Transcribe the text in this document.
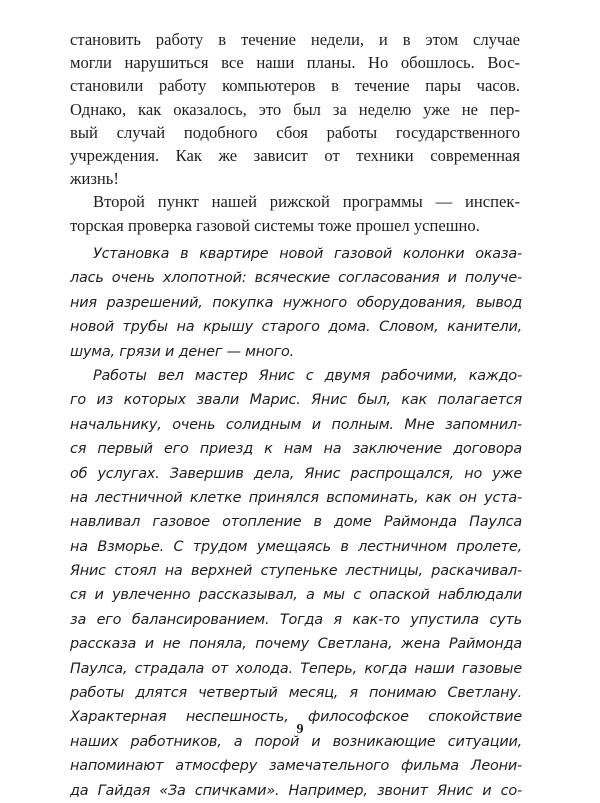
становить работу в течение недели, и в этом случае
могли нарушиться все наши планы. Но обошлось. Вос-
становили работу компьютеров в течение пары часов.
Однако, как оказалось, это был за неделю уже не пер-
вый случай подобного сбоя работы государственного
учреждения. Как же зависит от техники современная
жизнь!
Второй пункт нашей рижской программы — инспек-
торская проверка газовой системы тоже прошел успешно.
Установка в квартире новой газовой колонки оказа-
лась очень хлопотной: всяческие согласования и получе-
ния разрешений, покупка нужного оборудования, вывод
новой трубы на крышу старого дома. Словом, канители,
шума, грязи и денег — много.
Работы вел мастер Янис с двумя рабочими, каждо-
го из которых звали Марис. Янис был, как полагается
начальнику, очень солидным и полным. Мне запомнил-
ся первый его приезд к нам на заключение договора
об услугах. Завершив дела, Янис распрощался, но уже
на лестничной клетке принялся вспоминать, как он уста-
навливал газовое отопление в доме Раймонда Паулса
на Взморье. С трудом умещаясь в лестничном пролете,
Янис стоял на верхней ступеньке лестницы, раскачивал-
ся и увлеченно рассказывал, а мы с опаской наблюдали
за его балансированием. Тогда я как-то упустила суть
рассказа и не поняла, почему Светлана, жена Раймонда
Паулса, страдала от холода. Теперь, когда наши газовые
работы длятся четвертый месяц, я понимаю Светлану.
Характерная неспешность, философское спокойствие
наших работников, а порой и возникающие ситуации,
напоминают атмосферу замечательного фильма Леони-
да Гайдая «За спичками». Например, звонит Янис и со-
9
